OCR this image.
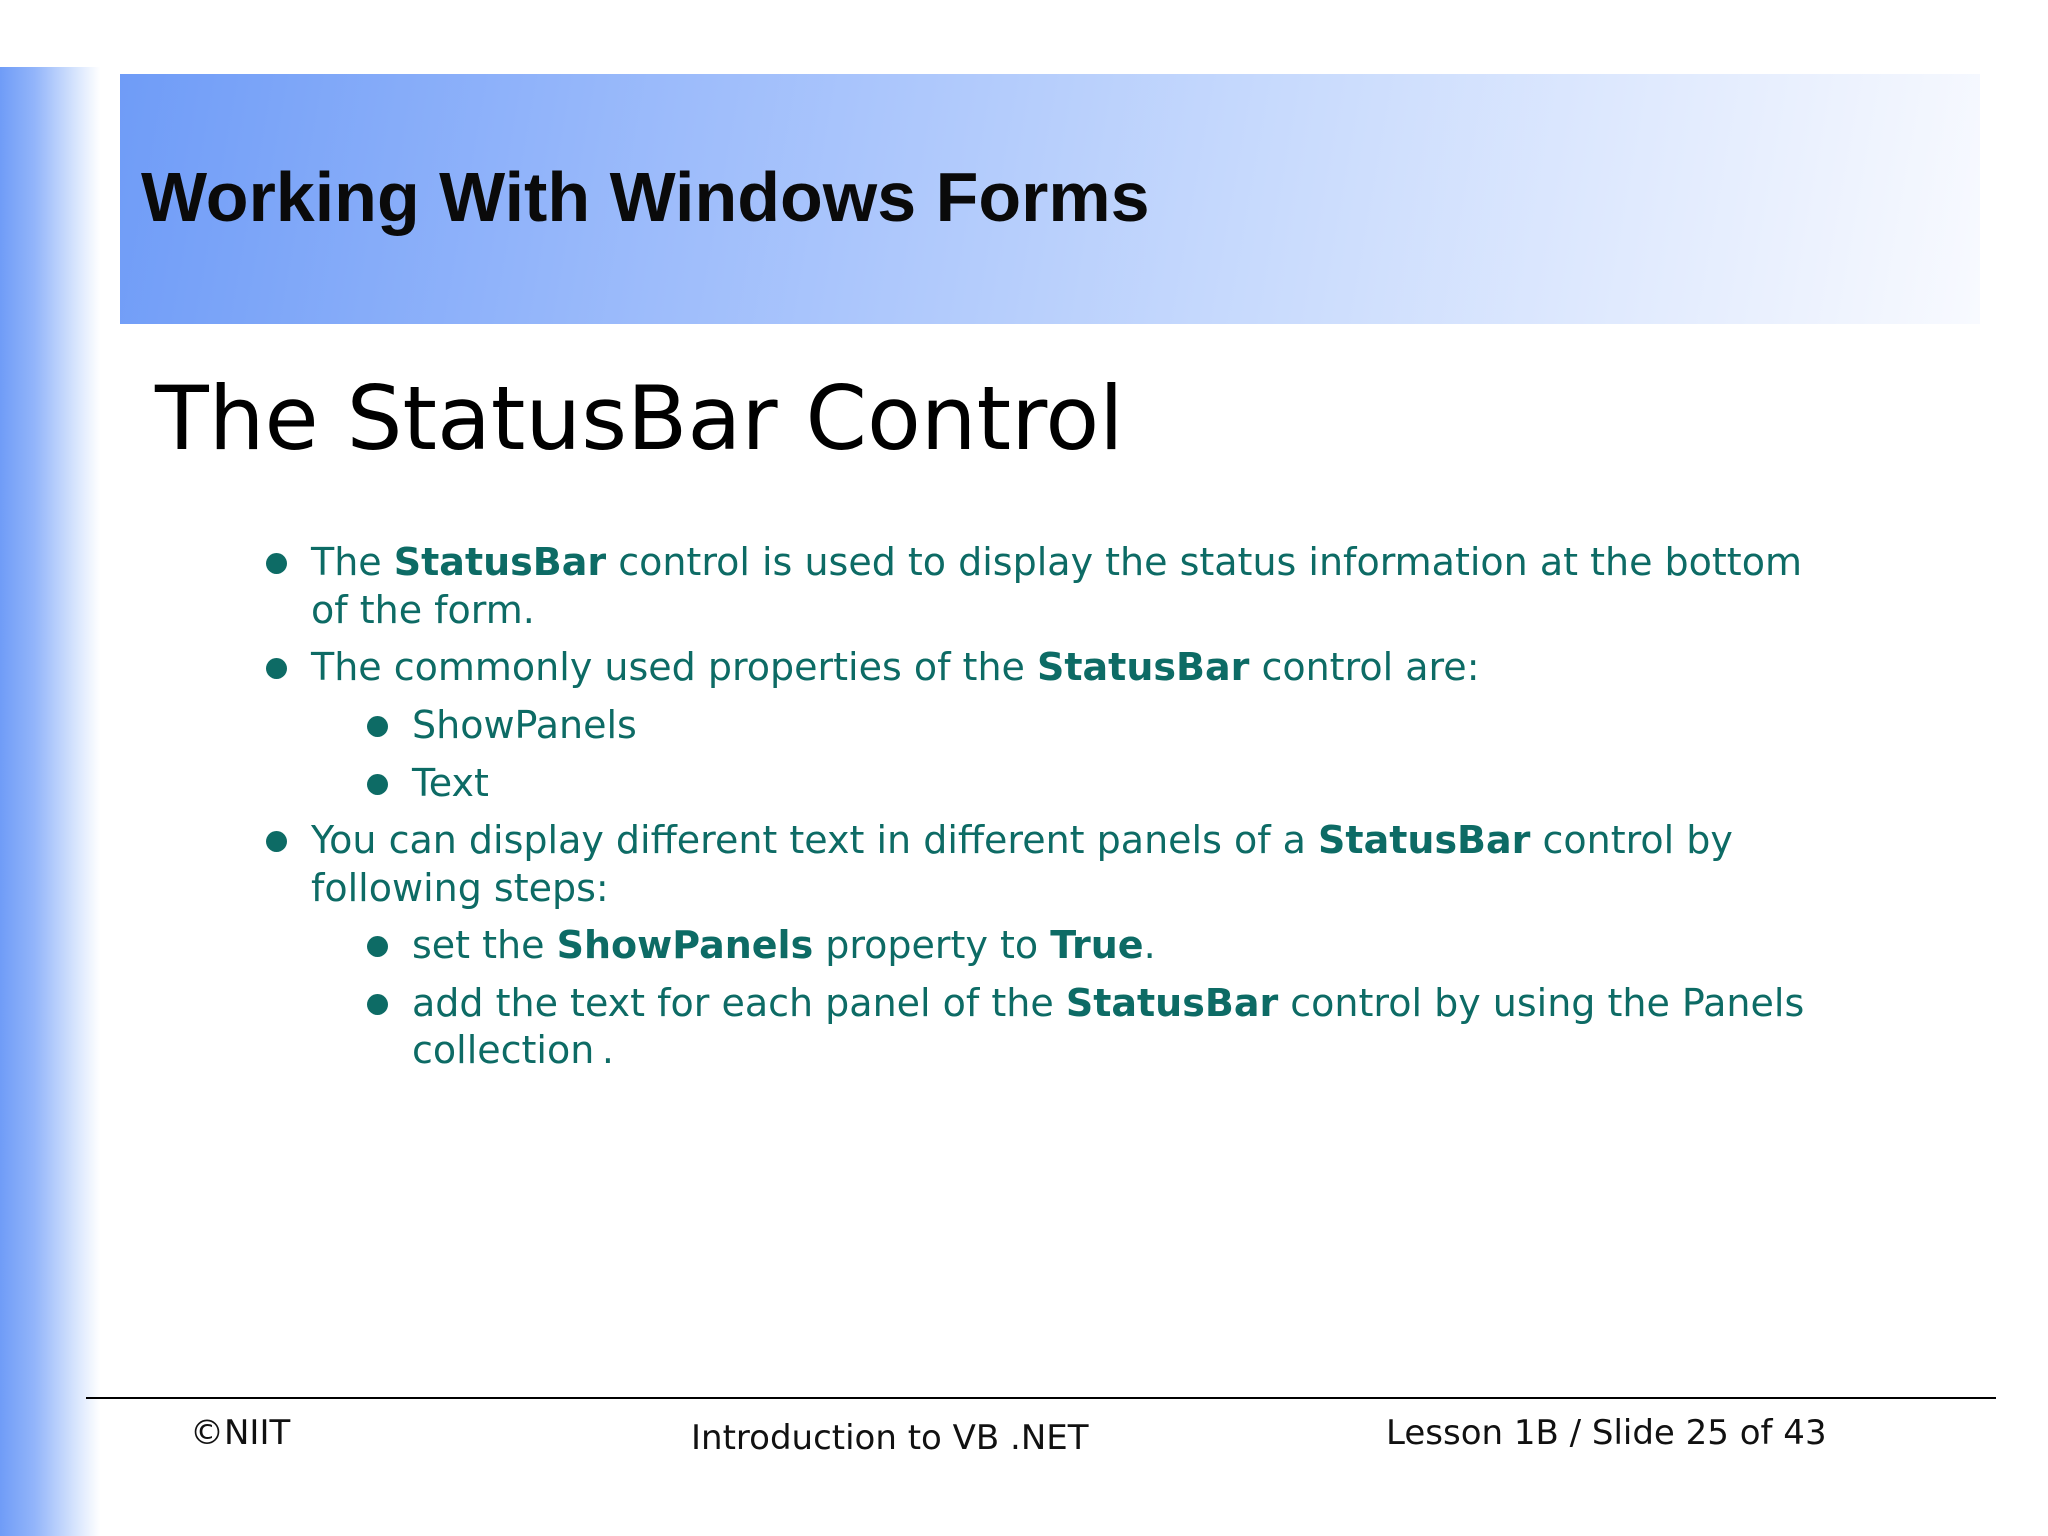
Working With Windows Forms
The StatusBar Control
The StatusBar control is used to display the status information at the bottom
of the form.
The commonly used properties of the StatusBar control are:
ShowPanels
Text
You can display different text in different panels of a StatusBar control by
following steps:
set the ShowPanels property to True.
add the text for each panel of the StatusBar control by using the Panels
collection .
©NIIT	Introduction to VB .NET	Lesson 1B / Slide 25 of 43
